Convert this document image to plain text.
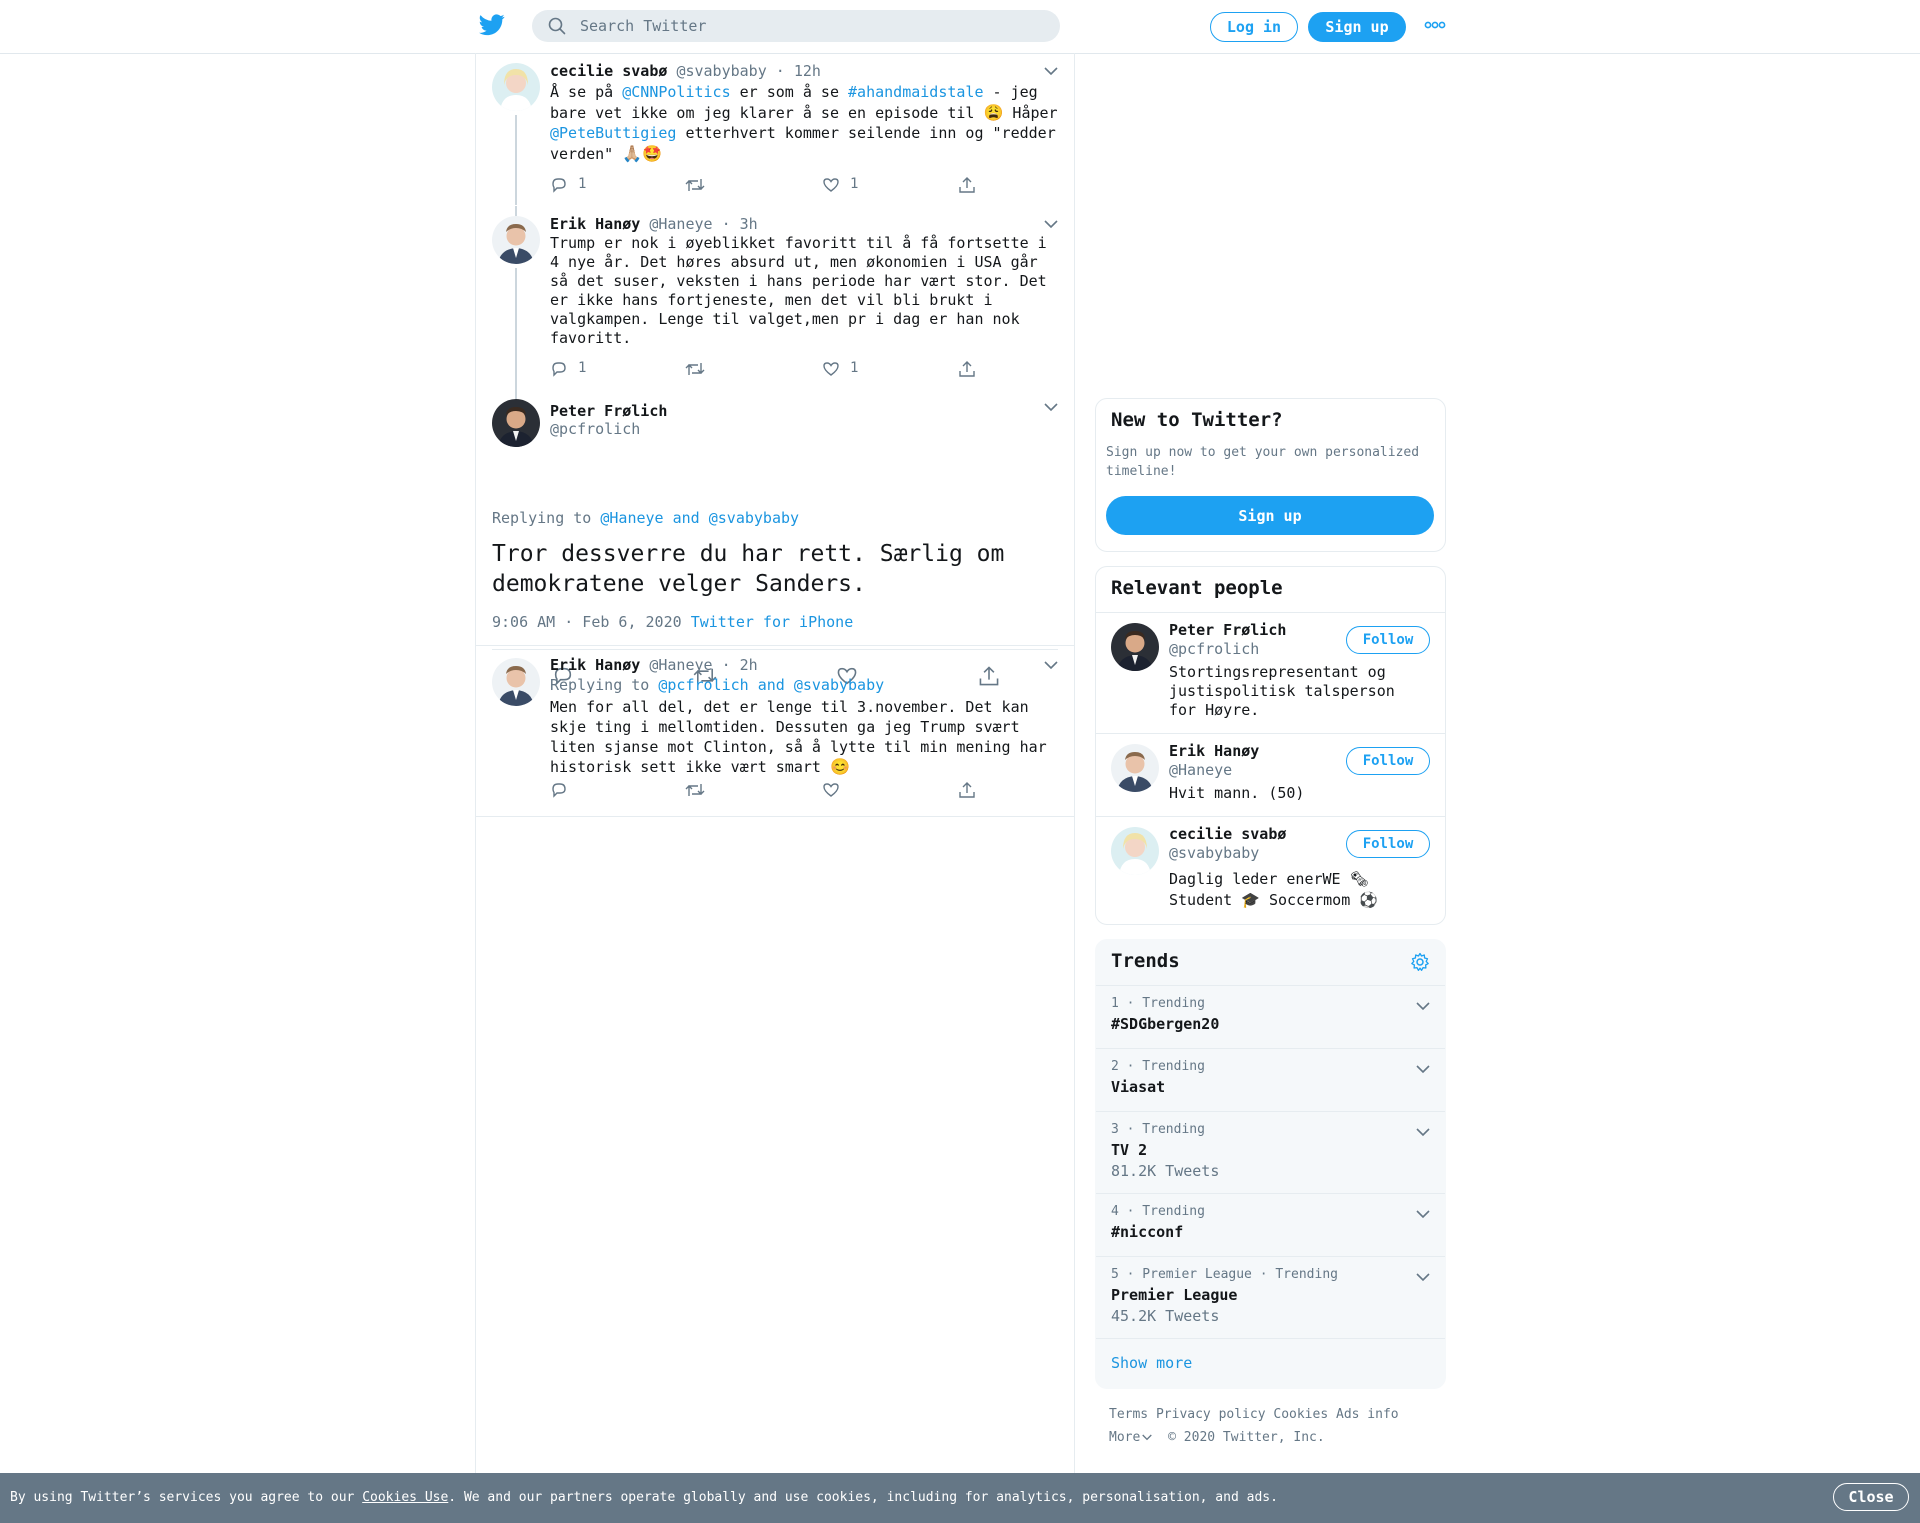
Search Twitter
Log in	Sign up
cecilie svabø @svabybaby · 12h
Å se på @CNNPolitics er som å se #ahandmaidstale - jeg bare vet ikke om jeg klarer å se en episode til 😩 Håper @PeteButtigieg etterhvert kommer seilende inn og "redder verden" 🙏🏼🤩
1	1
Erik Hanøy @Haneye · 3h
Trump er nok i øyeblikket favoritt til å få fortsette i 4 nye år. Det høres absurd ut, men økonomien i USA går så det suser, veksten i hans periode har vært stor. Det er ikke hans fortjeneste, men det vil bli brukt i valgkampen. Lenge til valget,men pr i dag er han nok favoritt.
1	1
Peter Frølich
@pcfrolich
Replying to @Haneye and @svabybaby
Tror dessverre du har rett. Særlig om demokratene velger Sanders.
9:06 AM · Feb 6, 2020 Twitter for iPhone
Erik Hanøy @Haneye · 2h
Replying to @pcfrolich and @svabybaby
Men for all del, det er lenge til 3.november. Det kan skje ting i mellomtiden. Dessuten ga jeg Trump svært liten sjanse mot Clinton, så å lytte til min mening har historisk sett ikke vært smart 😊
New to Twitter?
Sign up now to get your own personalized timeline!
Sign up
Relevant people
Peter Frølich
@pcfrolich
Stortingsrepresentant og justispolitisk talsperson for Høyre.
Follow
Erik Hanøy
@Haneye
Hvit mann. (50)
Follow
cecilie svabø
@svabybaby
Daglig leder enerWE 🗞 Student 🎓 Soccermom ⚽️
Follow
Trends
1 · Trending
#SDGbergen20
2 · Trending
Viasat
3 · Trending
TV 2
81.2K Tweets
4 · Trending
#nicconf
5 · Premier League · Trending
Premier League
45.2K Tweets
Show more
Terms Privacy policy Cookies Ads info
More © 2020 Twitter, Inc.
By using Twitter’s services you agree to our Cookies Use. We and our partners operate globally and use cookies, including for analytics, personalisation, and ads.	Close
